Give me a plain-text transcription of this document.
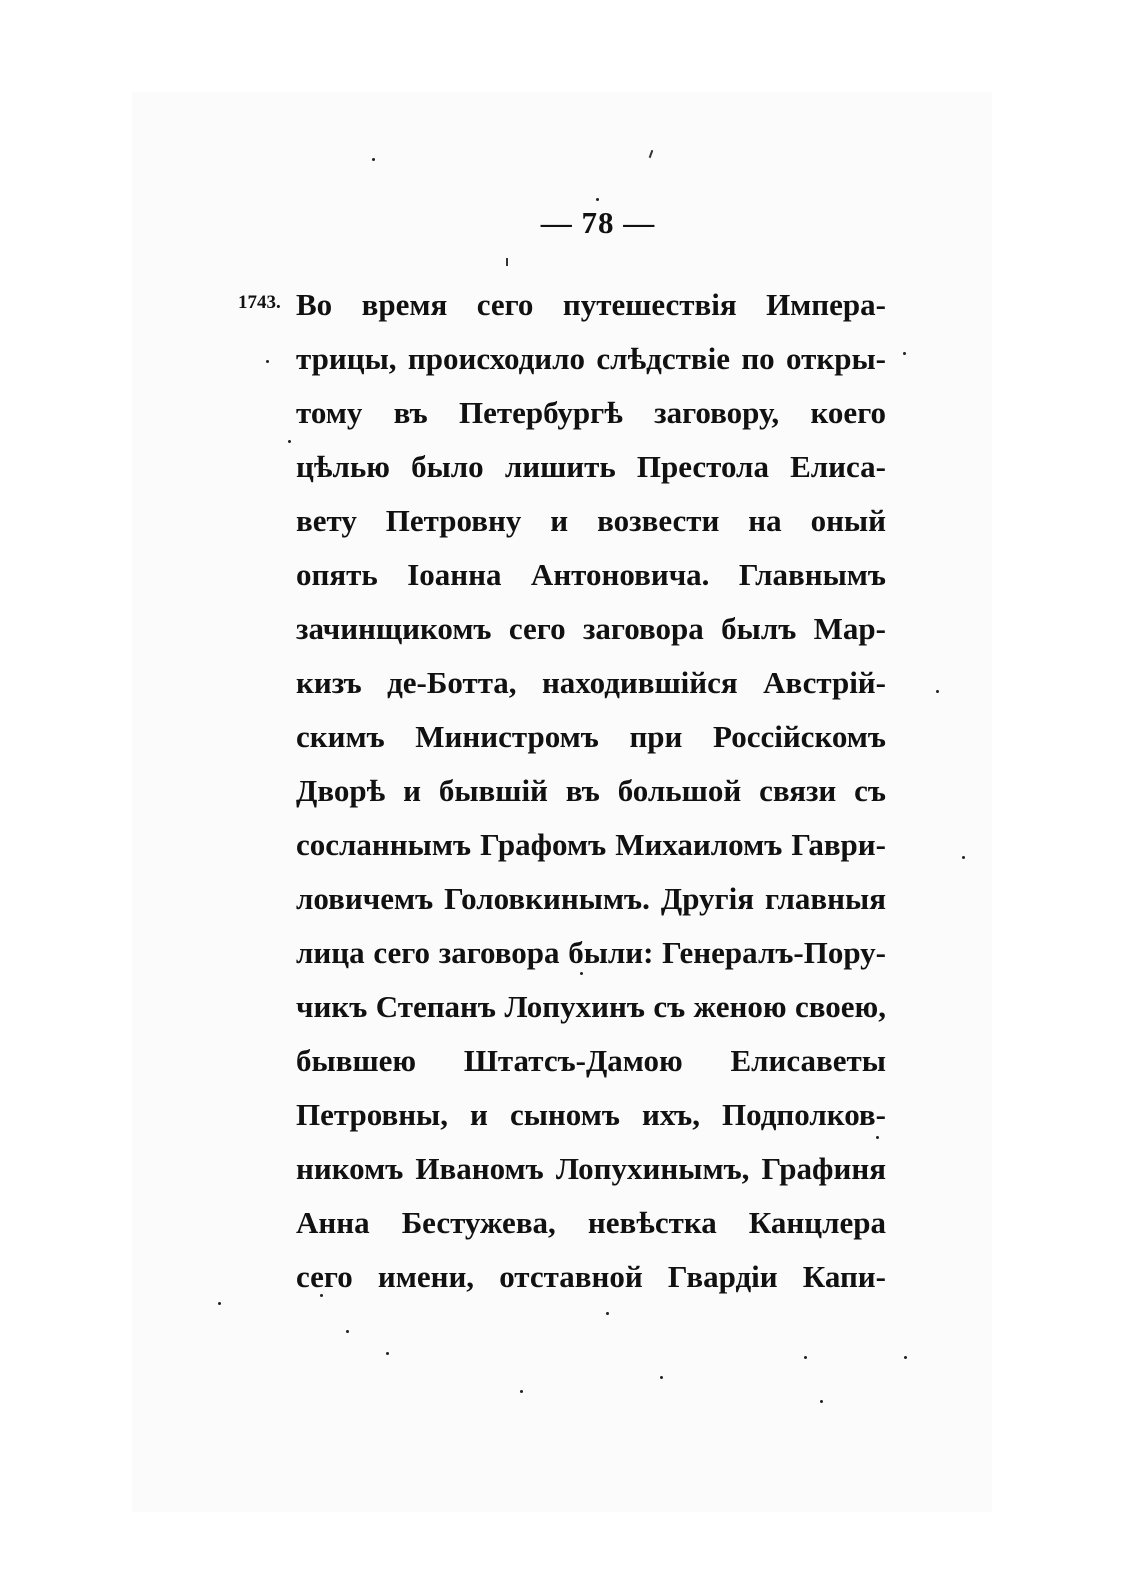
— 78 —
1743. Во время сего путешествія Импера-
трицы, происходило слѣдствіе по откры-
тому въ Петербургѣ заговору, коего
цѣлью было лишить Престола Елиса-
вету Петровну и возвести на оный
опять Іоанна Антоновича. Главнымъ
зачинщикомъ сего заговора былъ Мар-
кизъ де-Ботта, находившійся Австрій-
скимъ Министромъ при Россійскомъ
Дворѣ и бывшій въ большой связи съ
сосланнымъ Графомъ Михаиломъ Гаври-
ловичемъ Головкинымъ. Другія главныя
лица сего заговора были: Генералъ-Пору-
чикъ Степанъ Лопухинъ съ женою своею,
бывшею Штатсъ-Дамою Елисаветы
Петровны, и сыномъ ихъ, Подполков-
никомъ Иваномъ Лопухинымъ, Графиня
Анна Бестужева, невѣстка Канцлера
сего имени, отставной Гвардіи Капи-
